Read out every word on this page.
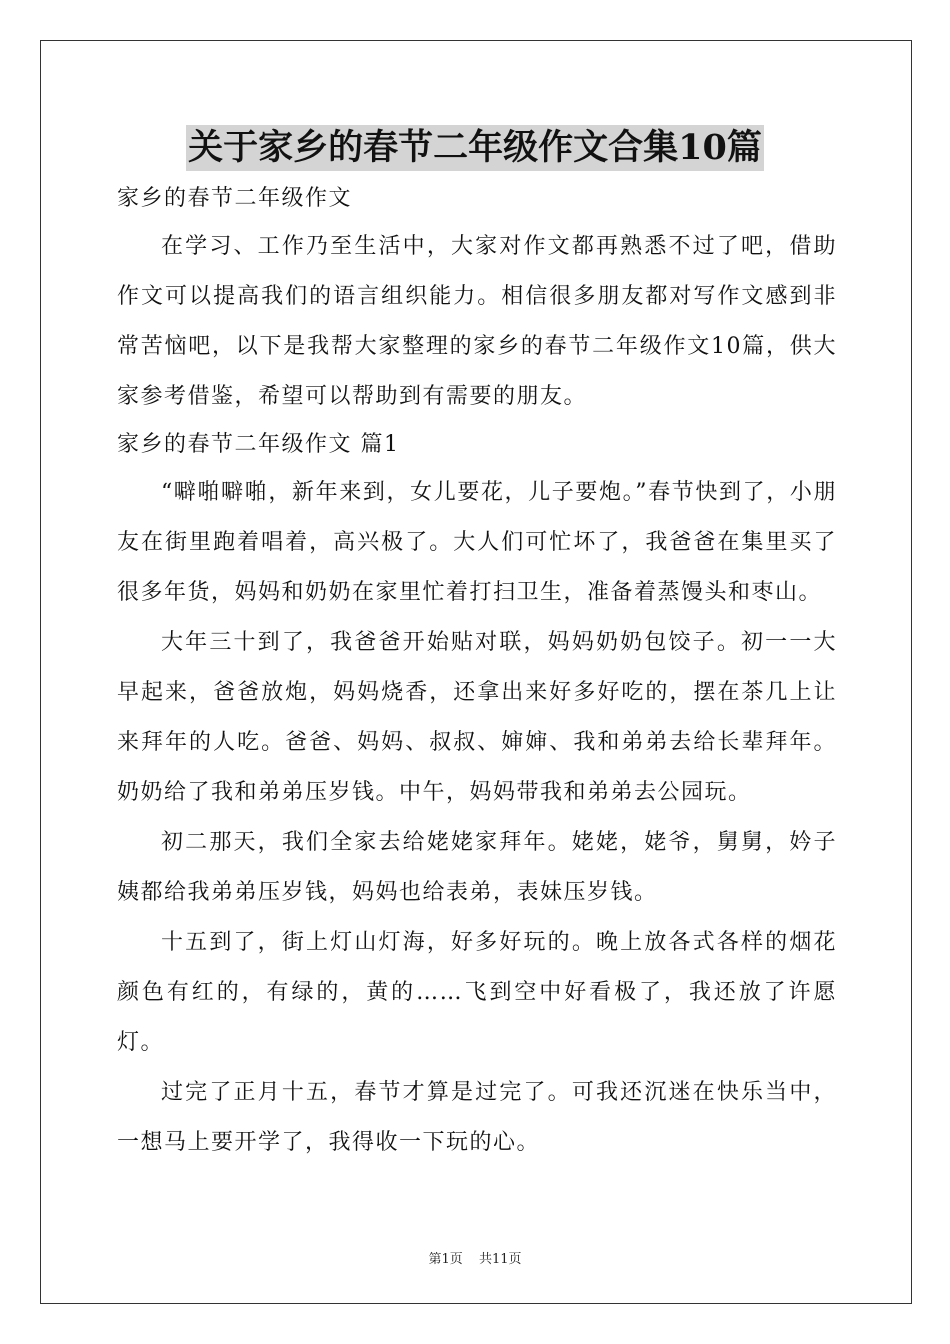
关于家乡的春节二年级作文合集10篇

家乡的春节二年级作文

在学习、工作乃至生活中，大家对作文都再熟悉不过了吧，借助作文可以提高我们的语言组织能力。相信很多朋友都对写作文感到非常苦恼吧，以下是我帮大家整理的家乡的春节二年级作文10篇，供大家参考借鉴，希望可以帮助到有需要的朋友。

家乡的春节二年级作文 篇1

“噼啪噼啪，新年来到，女儿要花，儿子要炮。”春节快到了，小朋友在街里跑着唱着，高兴极了。大人们可忙坏了，我爸爸在集里买了很多年货，妈妈和奶奶在家里忙着打扫卫生，准备着蒸馒头和枣山。

大年三十到了，我爸爸开始贴对联，妈妈奶奶包饺子。初一一大早起来，爸爸放炮，妈妈烧香，还拿出来好多好吃的，摆在茶几上让来拜年的人吃。爸爸、妈妈、叔叔、婶婶、我和弟弟去给长辈拜年。奶奶给了我和弟弟压岁钱。中午，妈妈带我和弟弟去公园玩。

初二那天，我们全家去给姥姥家拜年。姥姥，姥爷，舅舅，妗子姨都给我弟弟压岁钱，妈妈也给表弟，表妹压岁钱。

十五到了，街上灯山灯海，好多好玩的。晚上放各式各样的烟花颜色有红的，有绿的，黄的……飞到空中好看极了，我还放了许愿灯。

过完了正月十五，春节才算是过完了。可我还沉迷在快乐当中，一想马上要开学了，我得收一下玩的心。

第1页 共11页
